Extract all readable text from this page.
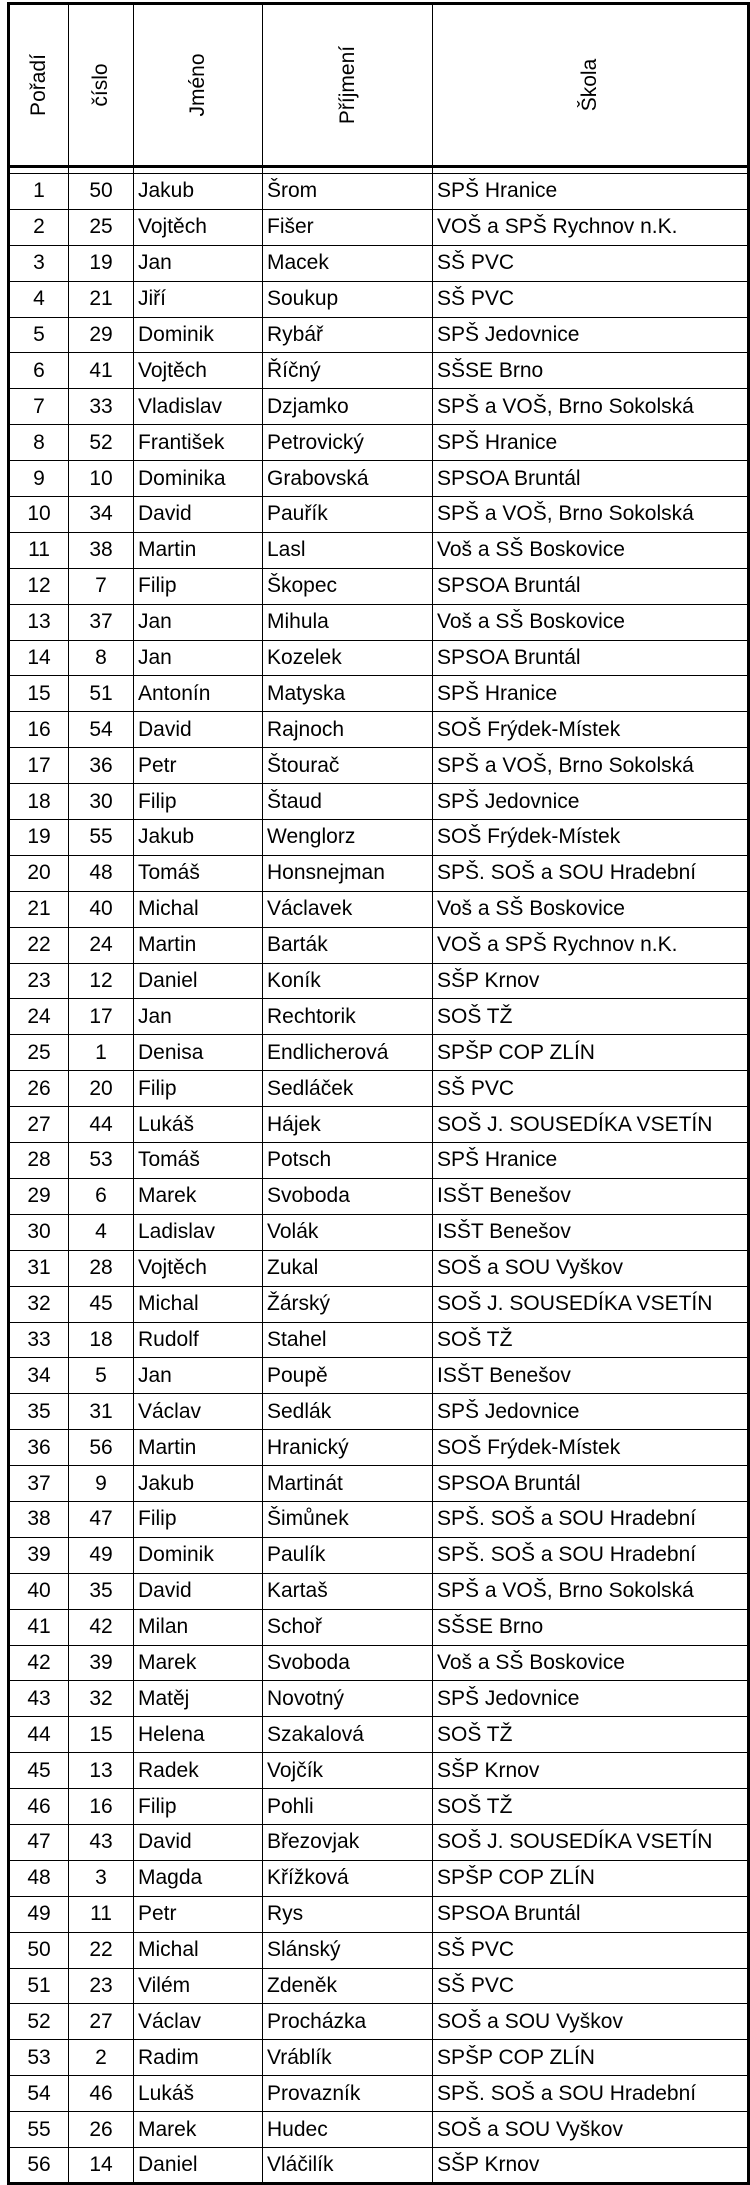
Pořadí	číslo	Jméno	Příjmení	Škola

1	50	Jakub	Šrom	SPŠ Hranice
2	25	Vojtěch	Fišer	VOŠ a SPŠ Rychnov n.K.
3	19	Jan	Macek	SŠ PVC
4	21	Jiří	Soukup	SŠ PVC
5	29	Dominik	Rybář	SPŠ Jedovnice
6	41	Vojtěch	Říčný	SŠSE Brno
7	33	Vladislav	Dzjamko	SPŠ a VOŠ, Brno Sokolská
8	52	František	Petrovický	SPŠ Hranice
9	10	Dominika	Grabovská	SPSOA Bruntál
10	34	David	Pauřík	SPŠ a VOŠ, Brno Sokolská
11	38	Martin	Lasl	Voš a SŠ Boskovice
12	7	Filip	Škopec	SPSOA Bruntál
13	37	Jan	Mihula	Voš a SŠ Boskovice
14	8	Jan	Kozelek	SPSOA Bruntál
15	51	Antonín	Matyska	SPŠ Hranice
16	54	David	Rajnoch	SOŠ Frýdek-Místek
17	36	Petr	Štourač	SPŠ a VOŠ, Brno Sokolská
18	30	Filip	Štaud	SPŠ Jedovnice
19	55	Jakub	Wenglorz	SOŠ Frýdek-Místek
20	48	Tomáš	Honsnejman	SPŠ. SOŠ a SOU Hradební
21	40	Michal	Václavek	Voš a SŠ Boskovice
22	24	Martin	Barták	VOŠ a SPŠ Rychnov n.K.
23	12	Daniel	Koník	SŠP Krnov
24	17	Jan	Rechtorik	SOŠ TŽ
25	1	Denisa	Endlicherová	SPŠP COP ZLÍN
26	20	Filip	Sedláček	SŠ PVC
27	44	Lukáš	Hájek	SOŠ J. SOUSEDÍKA VSETÍN
28	53	Tomáš	Potsch	SPŠ Hranice
29	6	Marek	Svoboda	ISŠT Benešov
30	4	Ladislav	Volák	ISŠT Benešov
31	28	Vojtěch	Zukal	SOŠ a SOU Vyškov
32	45	Michal	Žárský	SOŠ J. SOUSEDÍKA VSETÍN
33	18	Rudolf	Stahel	SOŠ TŽ
34	5	Jan	Poupě	ISŠT Benešov
35	31	Václav	Sedlák	SPŠ Jedovnice
36	56	Martin	Hranický	SOŠ Frýdek-Místek
37	9	Jakub	Martinát	SPSOA Bruntál
38	47	Filip	Šimůnek	SPŠ. SOŠ a SOU Hradební
39	49	Dominik	Paulík	SPŠ. SOŠ a SOU Hradební
40	35	David	Kartaš	SPŠ a VOŠ, Brno Sokolská
41	42	Milan	Schoř	SŠSE Brno
42	39	Marek	Svoboda	Voš a SŠ Boskovice
43	32	Matěj	Novotný	SPŠ Jedovnice
44	15	Helena	Szakalová	SOŠ TŽ
45	13	Radek	Vojčík	SŠP Krnov
46	16	Filip	Pohli	SOŠ TŽ
47	43	David	Březovjak	SOŠ J. SOUSEDÍKA VSETÍN
48	3	Magda	Křížková	SPŠP COP ZLÍN
49	11	Petr	Rys	SPSOA Bruntál
50	22	Michal	Slánský	SŠ PVC
51	23	Vilém	Zdeněk	SŠ PVC
52	27	Václav	Procházka	SOŠ a SOU Vyškov
53	2	Radim	Vráblík	SPŠP COP ZLÍN
54	46	Lukáš	Provazník	SPŠ. SOŠ a SOU Hradební
55	26	Marek	Hudec	SOŠ a SOU Vyškov
56	14	Daniel	Vláčilík	SŠP Krnov
